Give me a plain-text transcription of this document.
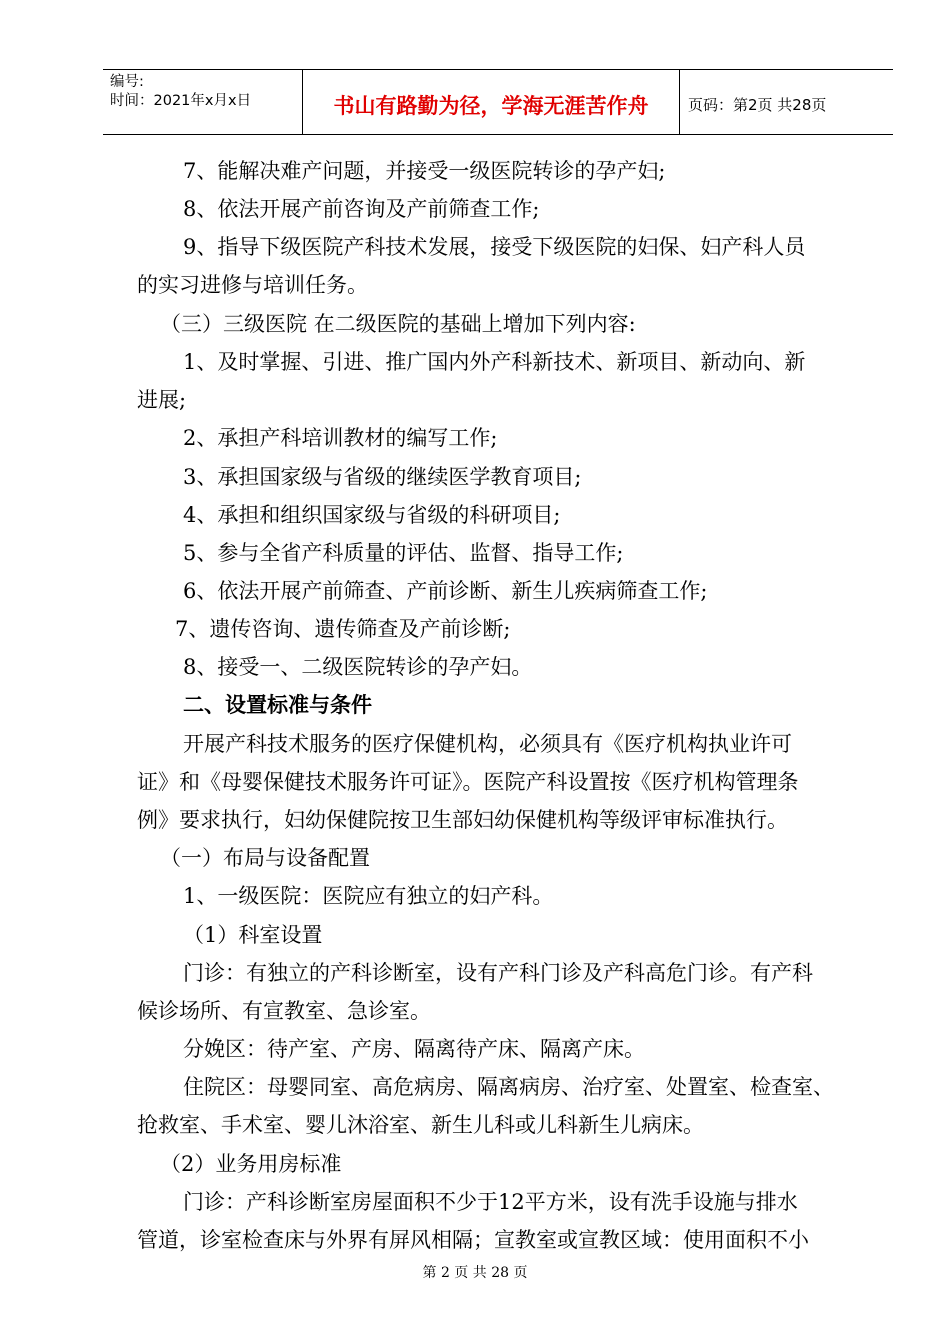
编号:
时间：2021年x月x日	书山有路勤为径，学海无涯苦作舟	页码：第2页 共28页
7、能解决难产问题，并接受一级医院转诊的孕产妇;
8、依法开展产前咨询及产前筛查工作;
9、指导下级医院产科技术发展，接受下级医院的妇保、妇产科人员
的实习进修与培训任务。
（三）三级医院 在二级医院的基础上增加下列内容:
1、及时掌握、引进、推广国内外产科新技术、新项目、新动向、新
进展;
2、承担产科培训教材的编写工作;
3、承担国家级与省级的继续医学教育项目;
4、承担和组织国家级与省级的科研项目;
5、参与全省产科质量的评估、监督、指导工作;
6、依法开展产前筛查、产前诊断、新生儿疾病筛查工作;
7、遗传咨询、遗传筛查及产前诊断;
8、接受一、二级医院转诊的孕产妇。
二、设置标准与条件
开展产科技术服务的医疗保健机构，必须具有《医疗机构执业许可
证》和《母婴保健技术服务许可证》。医院产科设置按《医疗机构管理条
例》要求执行，妇幼保健院按卫生部妇幼保健机构等级评审标准执行。
（一）布局与设备配置
1、一级医院：医院应有独立的妇产科。
（1）科室设置
门诊：有独立的产科诊断室，设有产科门诊及产科高危门诊。有产科
候诊场所、有宣教室、急诊室。
分娩区：待产室、产房、隔离待产床、隔离产床。
住院区：母婴同室、高危病房、隔离病房、治疗室、处置室、检查室、
抢救室、手术室、婴儿沐浴室、新生儿科或儿科新生儿病床。
（2）业务用房标准
门诊：产科诊断室房屋面积不少于12平方米，设有洗手设施与排水
管道，诊室检查床与外界有屏风相隔；宣教室或宣教区域：使用面积不小
第 2 页 共 28 页
